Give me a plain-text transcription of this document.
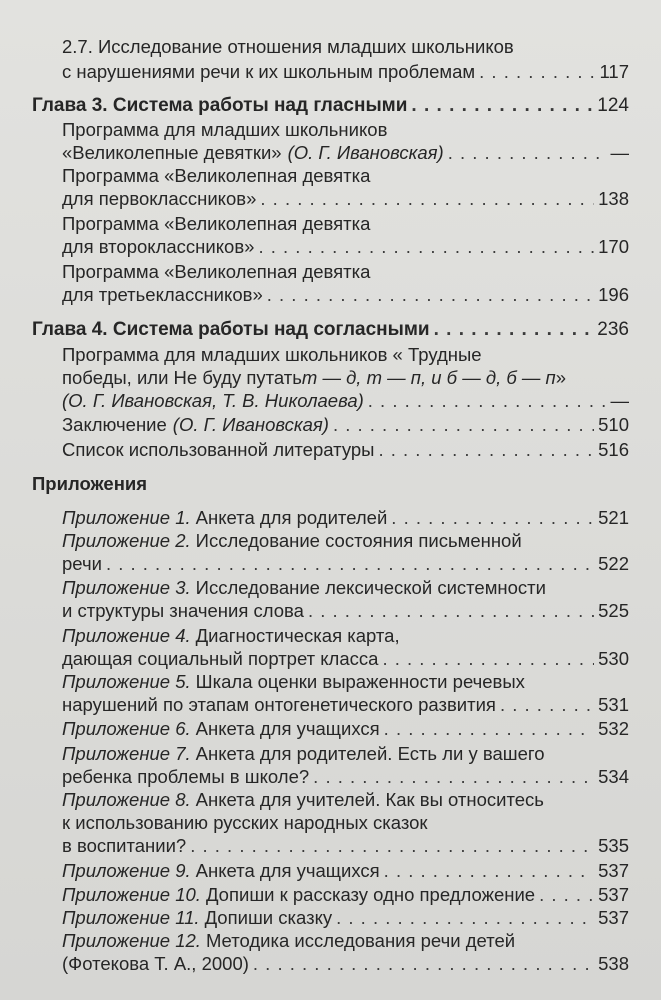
2.7. Исследование отношения младших школьников
с нарушениями речи к их школьным проблемам . . .	117
Глава 3. Система работы над гласными . . .	124
Программа для младших школьников
«Великолепные девятки» (О. Г. Ивановская) . . .	—
Программа «Великолепная девятка
для первоклассников» . . .	138
Программа «Великолепная девятка
для второклассников» . . .	170
Программа «Великолепная девятка
для третьеклассников» . . .	196
Глава 4. Система работы над согласными . . .	236
Программа для младших школьников « Трудные
победы, или Не буду путать т — д, т — п, и б — д, б — п »
(О. Г. Ивановская, Т. В. Николаева) . . .	—
Заключение (О. Г. Ивановская) . . .	510
Список использованной литературы . . .	516
Приложения
Приложение 1. Анкета для родителей . . .	521
Приложение 2. Исследование состояния письменной
речи . . .	522
Приложение 3. Исследование лексической системности
и структуры значения слова . . .	525
Приложение 4. Диагностическая карта,
дающая социальный портрет класса . . .	530
Приложение 5. Шкала оценки выраженности речевых
нарушений по этапам онтогенетического развития . . .	531
Приложение 6. Анкета для учащихся . . .	532
Приложение 7. Анкета для родителей. Есть ли у вашего
ребенка проблемы в школе? . . .	534
Приложение 8. Анкета для учителей. Как вы относитесь
к использованию русских народных сказок
в воспитании? . . .	535
Приложение 9. Анкета для учащихся . . .	537
Приложение 10. Допиши к рассказу одно предложение . . .	537
Приложение 11. Допиши сказку . . .	537
Приложение 12. Методика исследования речи детей
(Фотекова Т. А., 2000) . . .	538
